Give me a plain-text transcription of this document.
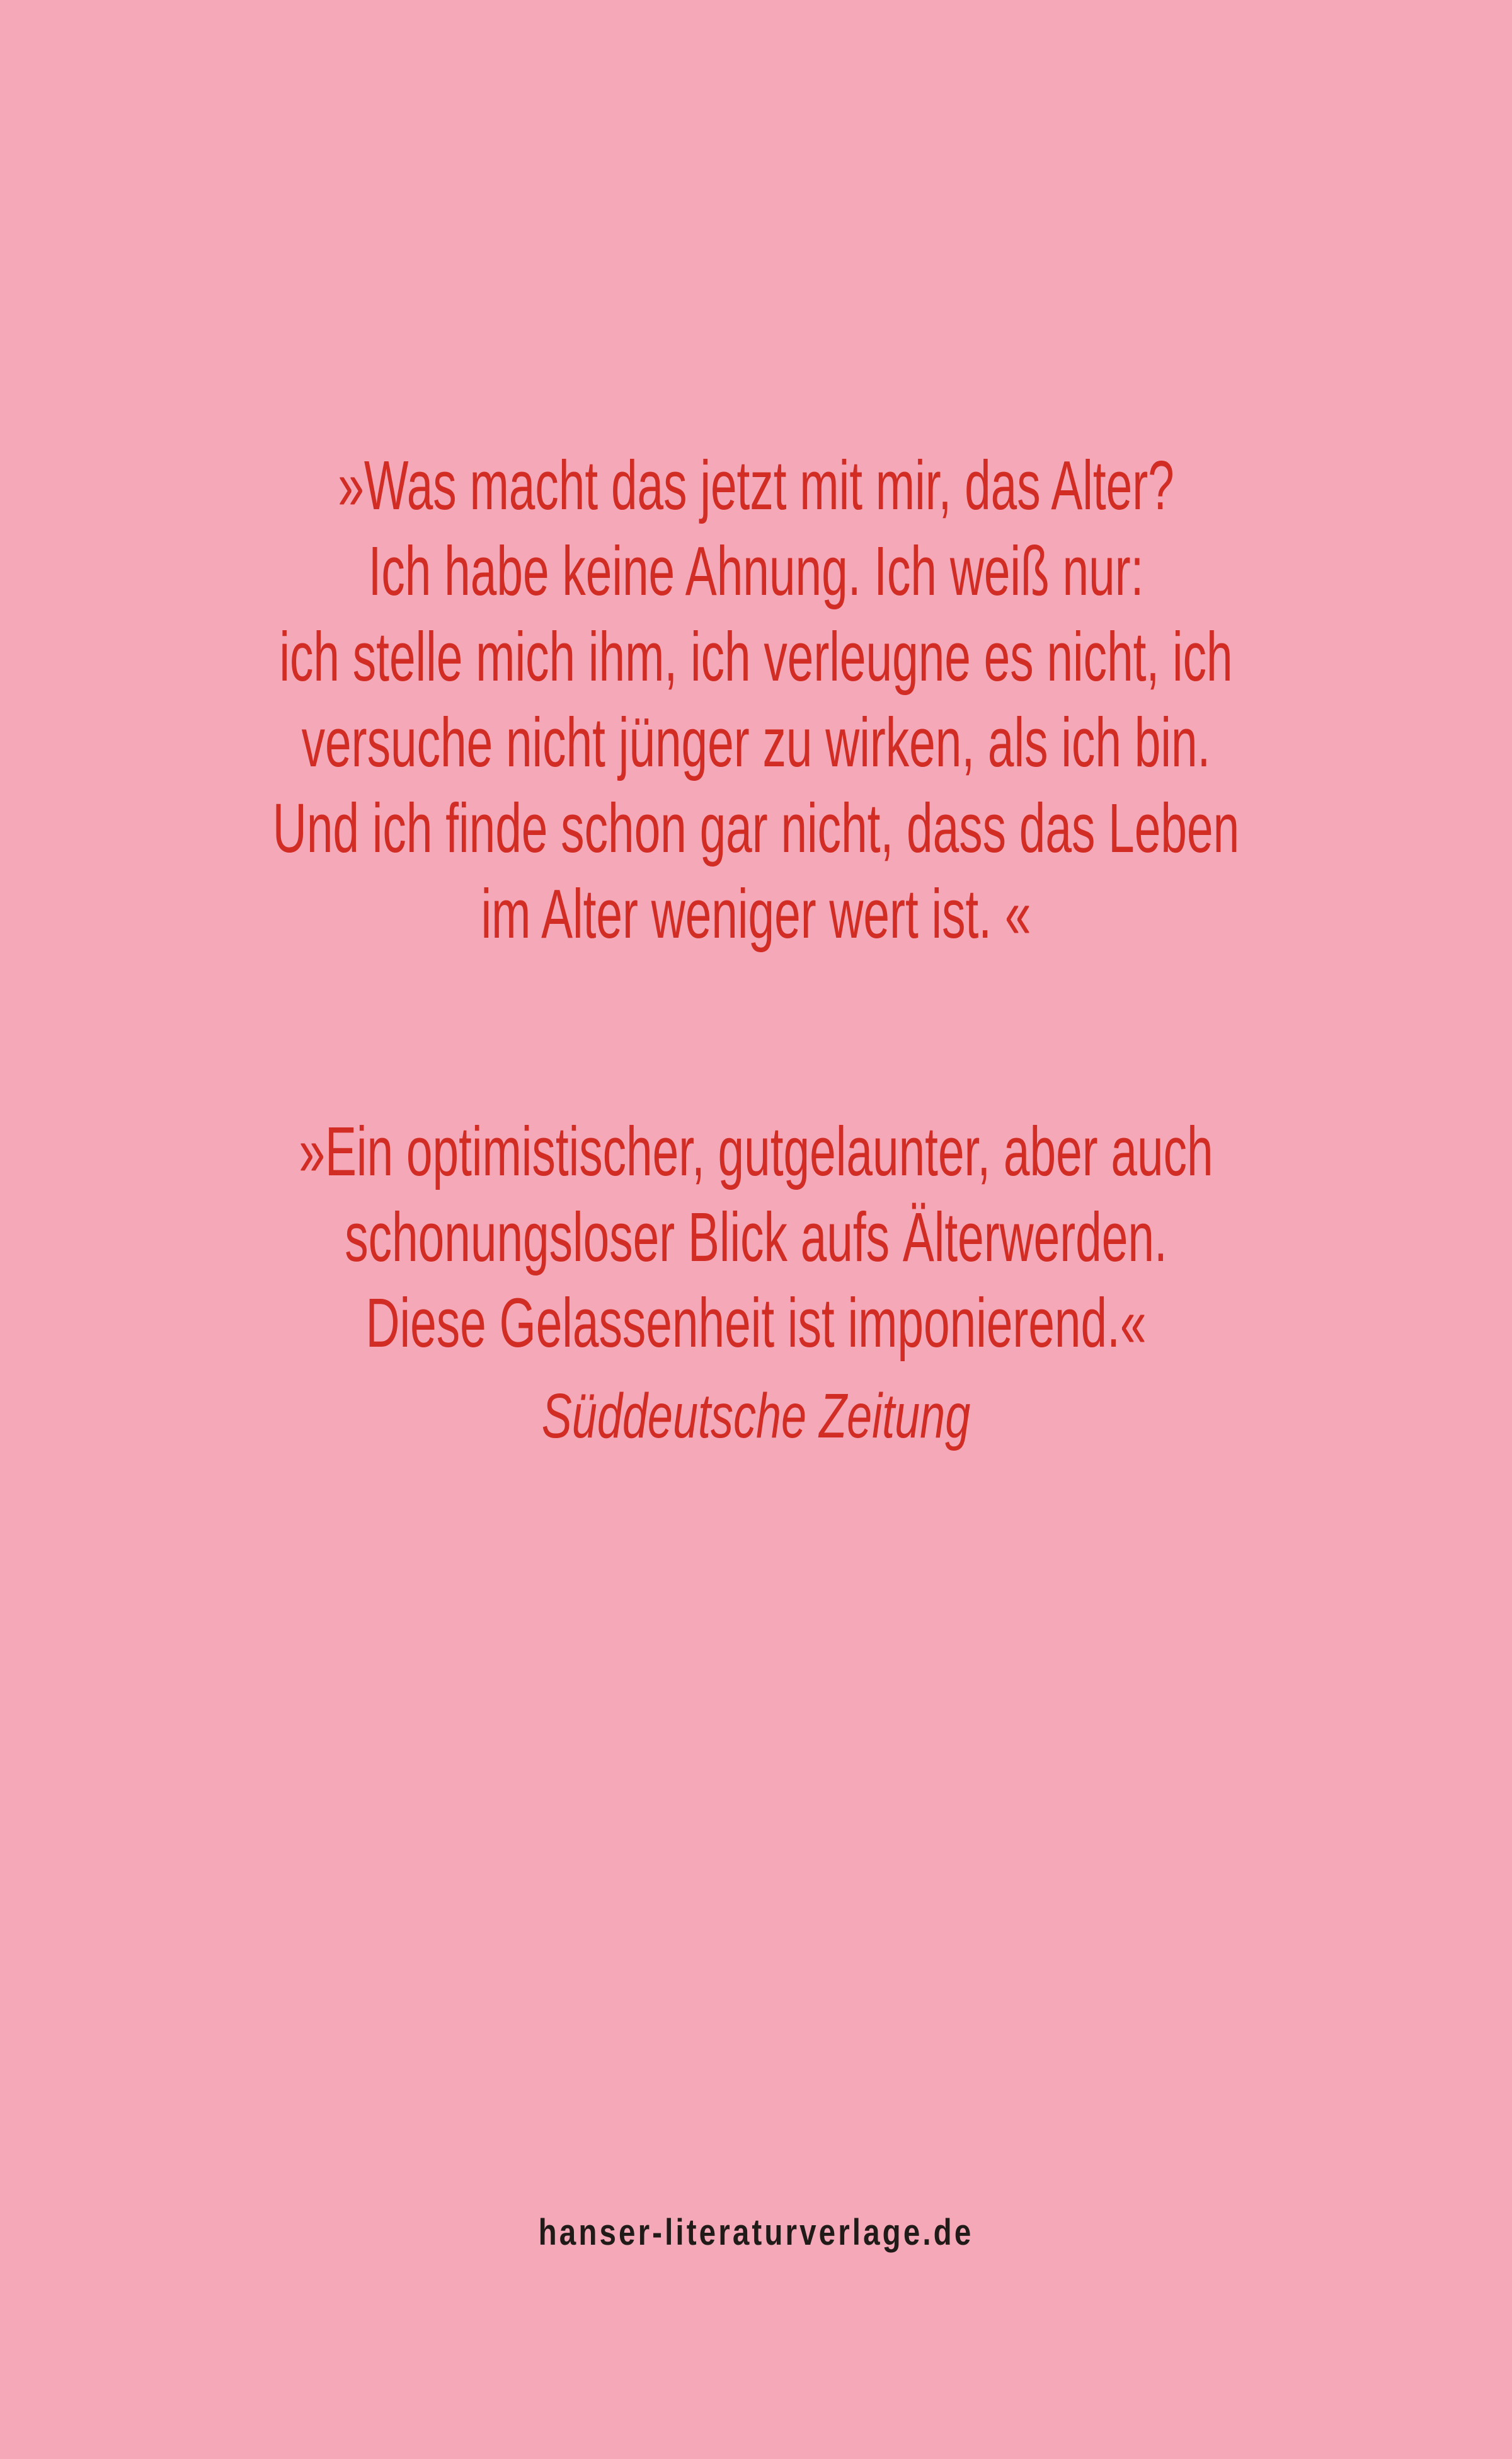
»Was macht das jetzt mit mir, das Alter?
Ich habe keine Ahnung. Ich weiß nur:
ich stelle mich ihm, ich verleugne es nicht, ich
versuche nicht jünger zu wirken, als ich bin.
Und ich finde schon gar nicht, dass das Leben
im Alter weniger wert ist. «
»Ein optimistischer, gutgelaunter, aber auch
schonungsloser Blick aufs Älterwerden.
Diese Gelassenheit ist imponierend.«
Süddeutsche Zeitung
hanser-literaturverlage.de
